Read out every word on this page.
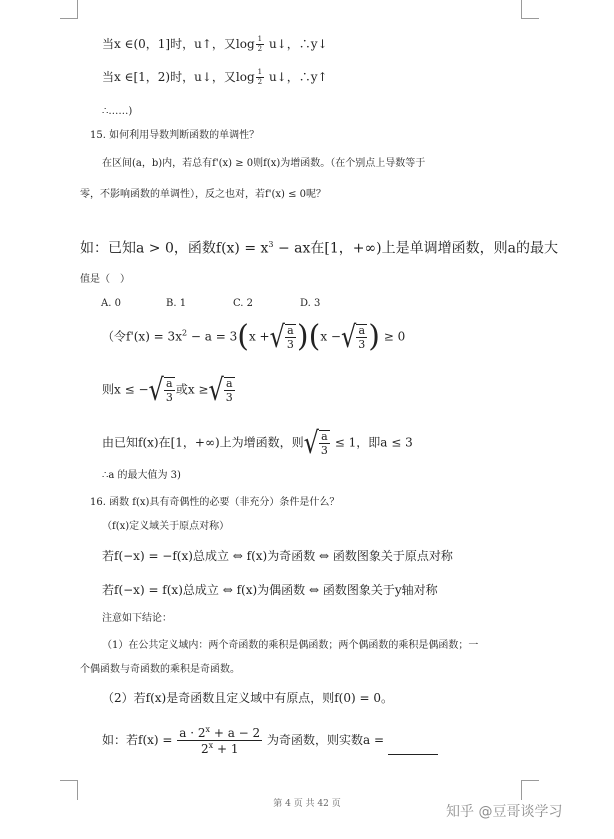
当x ∈(0，1]时，u↑，又$\log \frac{1}{2}$ u↓，∴y↓
当x ∈[1，2)时，u↓，又$\log \frac{1}{2}$ u↓，∴y↑
∴……)
15. 如何利用导数判断函数的单调性？
在区间(a，b)内，若总有f'(x) ≥ 0则f(x)为增函数。（在个别点上导数等于
零，不影响函数的单调性），反之也对，若f'(x) ≤ 0呢？
如：已知a > 0，函数$f(x) = x^3$ − ax在[1，+∞)上是单调增函数，则a的最大
值是（　）
A. 0	B. 1	C. 2	D. 3
（令$f'(x) = 3x^2 - a = 3(x$ + √ $\frac{a}{3} )(x$ − √ $\frac{a}{3}$ ) ≥ 0
则x ≤ − √ $\frac{a}{3}$ 或x ≥ √ $\frac{a}{3}$
由已知f(x)在[1，+∞)上为增函数，则 √ $\frac{a}{3} \le 1$，即a ≤ 3
∴a 的最大值为 3)
16. 函数 f(x)具有奇偶性的必要（非充分）条件是什么？
（f(x)定义域关于原点对称）
若f(−x) = −f(x)总成立 ⇔ f(x)为奇函数 ⇔ 函数图象关于原点对称
若f(−x) = f(x)总成立 ⇔ f(x)为偶函数 ⇔ 函数图象关于y轴对称
注意如下结论：
（1）在公共定义域内：两个奇函数的乘积是偶函数；两个偶函数的乘积是偶函数；一
个偶函数与奇函数的乘积是奇函数。
（2）若f(x)是奇函数且定义域中有原点，则f(0) = 0。
如：若$f(x) = \frac{a \cdot 2^x + a - 2}{2^x + 1}$ 为奇函数，则实数a =
第 4 页 共 42 页	知乎 @豆哥谈学习
